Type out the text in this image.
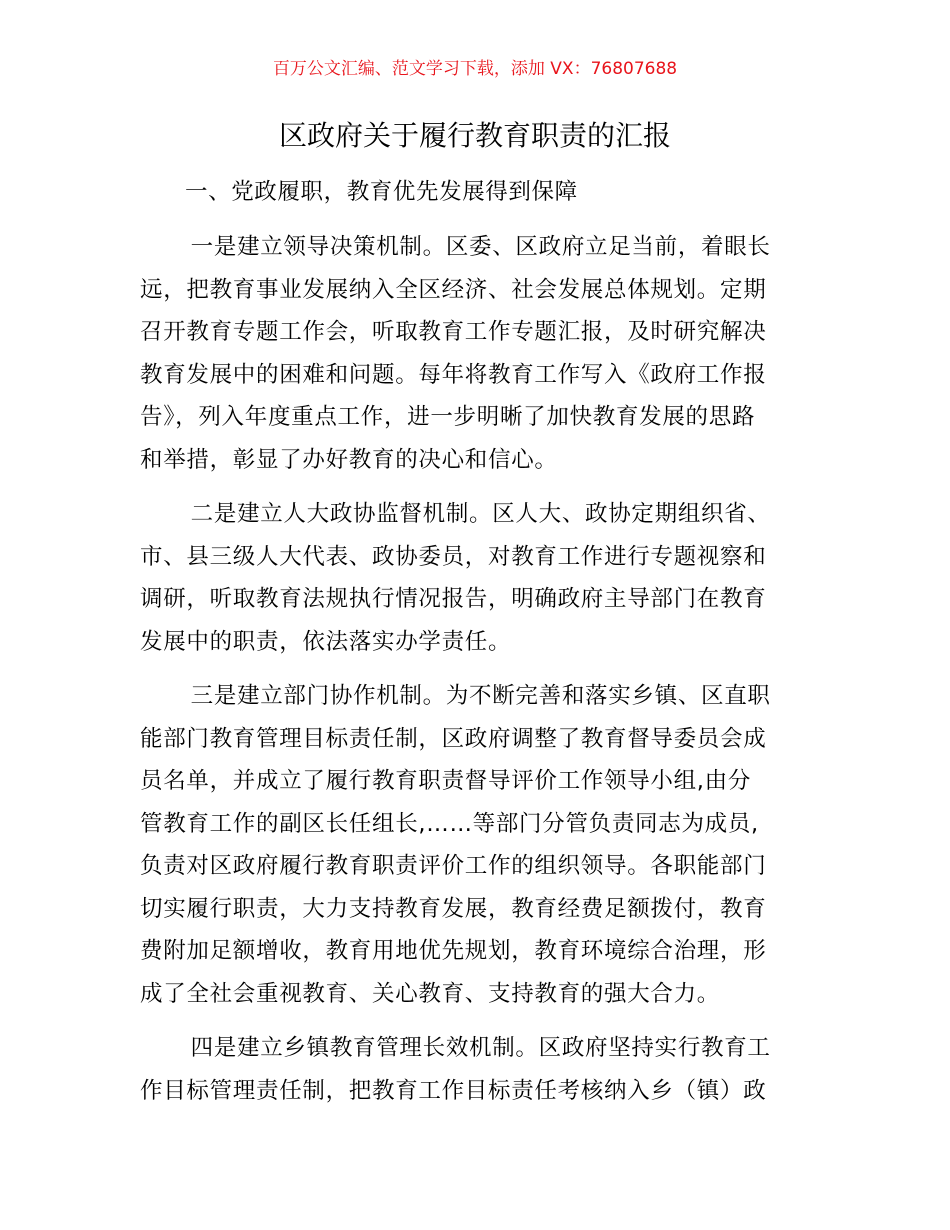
百万公文汇编、范文学习下载，添加 VX：76807688
区政府关于履行教育职责的汇报

一、党政履职，教育优先发展得到保障

一是建立领导决策机制。区委、区政府立足当前，着眼长
远，把教育事业发展纳入全区经济、社会发展总体规划。定期
召开教育专题工作会，听取教育工作专题汇报，及时研究解决
教育发展中的困难和问题。每年将教育工作写入《政府工作报
告》，列入年度重点工作，进一步明晰了加快教育发展的思路
和举措，彰显了办好教育的决心和信心。

二是建立人大政协监督机制。区人大、政协定期组织省、
市、县三级人大代表、政协委员，对教育工作进行专题视察和
调研，听取教育法规执行情况报告，明确政府主导部门在教育
发展中的职责，依法落实办学责任。

三是建立部门协作机制。为不断完善和落实乡镇、区直职
能部门教育管理目标责任制，区政府调整了教育督导委员会成
员名单，并成立了履行教育职责督导评价工作领导小组,由分
管教育工作的副区长任组长,……等部门分管负责同志为成员,
负责对区政府履行教育职责评价工作的组织领导。各职能部门
切实履行职责，大力支持教育发展，教育经费足额拨付，教育
费附加足额增收，教育用地优先规划，教育环境综合治理，形
成了全社会重视教育、关心教育、支持教育的强大合力。

四是建立乡镇教育管理长效机制。区政府坚持实行教育工
作目标管理责任制，把教育工作目标责任考核纳入乡（镇）政
